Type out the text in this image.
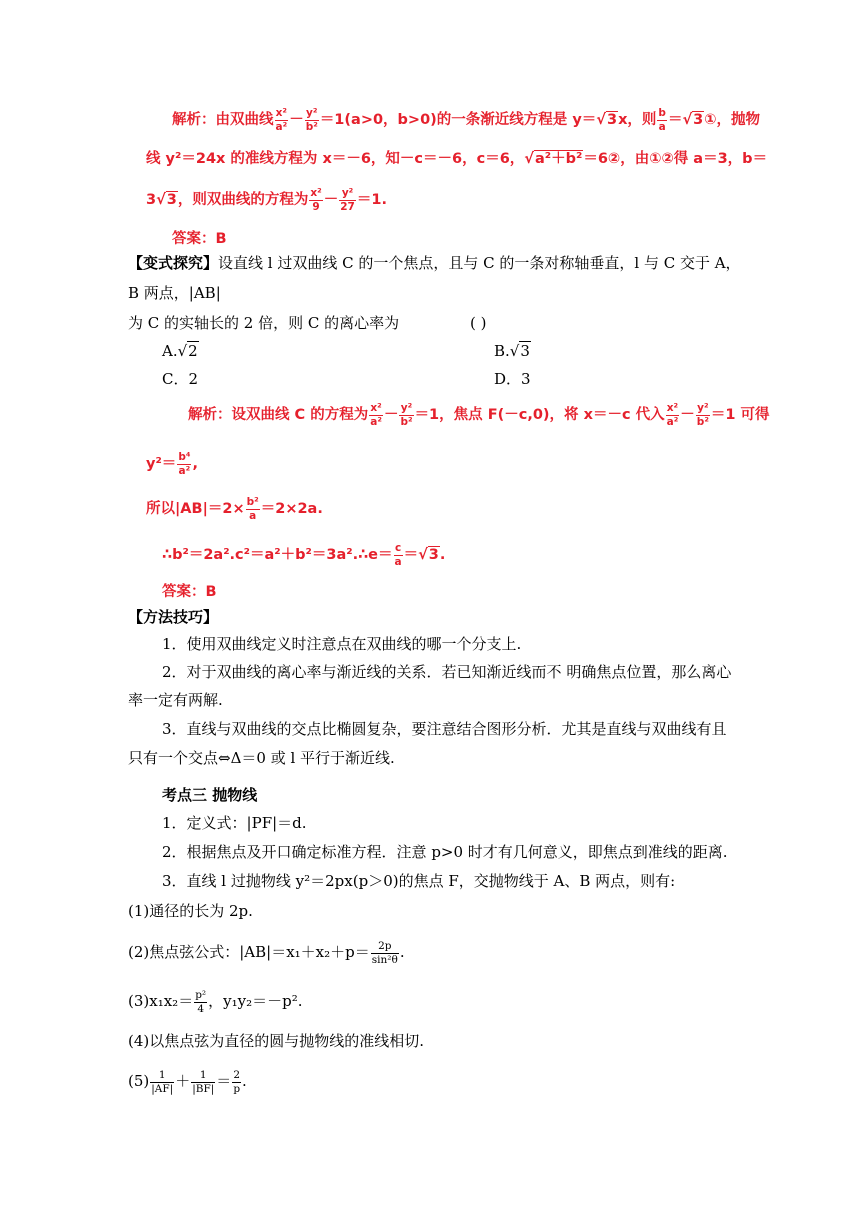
解析：由双曲线 $\frac{\text{x²}}{\text{a²}} - \frac{\text{y²}}{\text{b²}} =1(a>0$，b>0)的一条渐近线方程是 y＝√3x，则 $\frac{b}{a}$ ＝√3①，抛物
线 y²＝24x 的准线方程为 x＝－6，知－c＝－6，c＝6，√a²＋b²＝6②，由①②得 a＝3，b＝
3√3，则双曲线的方程为 $\frac{\text{x²}}{9} - \frac{\text{y²}}{27} =1$.
答案：B
【变式探究】设直线 l 过双曲线 C 的一个焦点，且与 C 的一条对称轴垂直，l 与 C 交于 A，
B 两点，|AB|
为 C 的实轴长的 2 倍，则 C 的离心率为	( )
A.√2	B.√3
C．2	D．3
解析：设双曲线 C 的方程为 $\frac{\text{x²}}{\text{a²}} - \frac{\text{y²}}{\text{b²}} =1$，焦点 F(－c,0)，将 x＝－c 代入 $\frac{\text{x²}}{\text{a²}} - \frac{\text{y²}}{\text{b²}} =1$ 可得
$y^2= \frac{\text{b⁴}}{\text{a²}}$ ,
所以$|AB|=2\times \frac{\text{b²}}{a} =2\times 2a$.
∴b²＝2a².c²＝a²＋b²＝3a².∴e＝ $\frac{c}{a} =√3$.
答案：B
【方法技巧】
1．使用双曲线定义时注意点在双曲线的哪一个分支上.
2．对于双曲线的离心率与渐近线的关系．若已知渐近线而不 明确焦点位置，那么离心
率一定有两解.
3．直线与双曲线的交点比椭圆复杂，要注意结合图形分析．尤其是直线与双曲线有且
只有一个交点⇔Δ＝0 或 l 平行于渐近线.
考点三 抛物线
1．定义式：|PF|＝d.
2．根据焦点及开口确定标准方程．注意 p>0 时才有几何意义，即焦点到准线的距离.
3．直线 l 过抛物线 y²＝2px(p＞0)的焦点 F，交抛物线于 A、B 两点，则有:
(1)通径的长为 2p.
(2)焦点弦公式：$|AB|=x_1+x_2+p= \frac{2p}{\text{sin²θ}}$ .
$(3)x_1x_2= \frac{\text{p²}}{4}$ ，y₁y₂＝－p².
(4)以焦点弦为直径的圆与抛物线的准线相切.
$(5) \frac{1}{|AF|} + \frac{1}{|BF|} = \frac{2}{p}$ .
